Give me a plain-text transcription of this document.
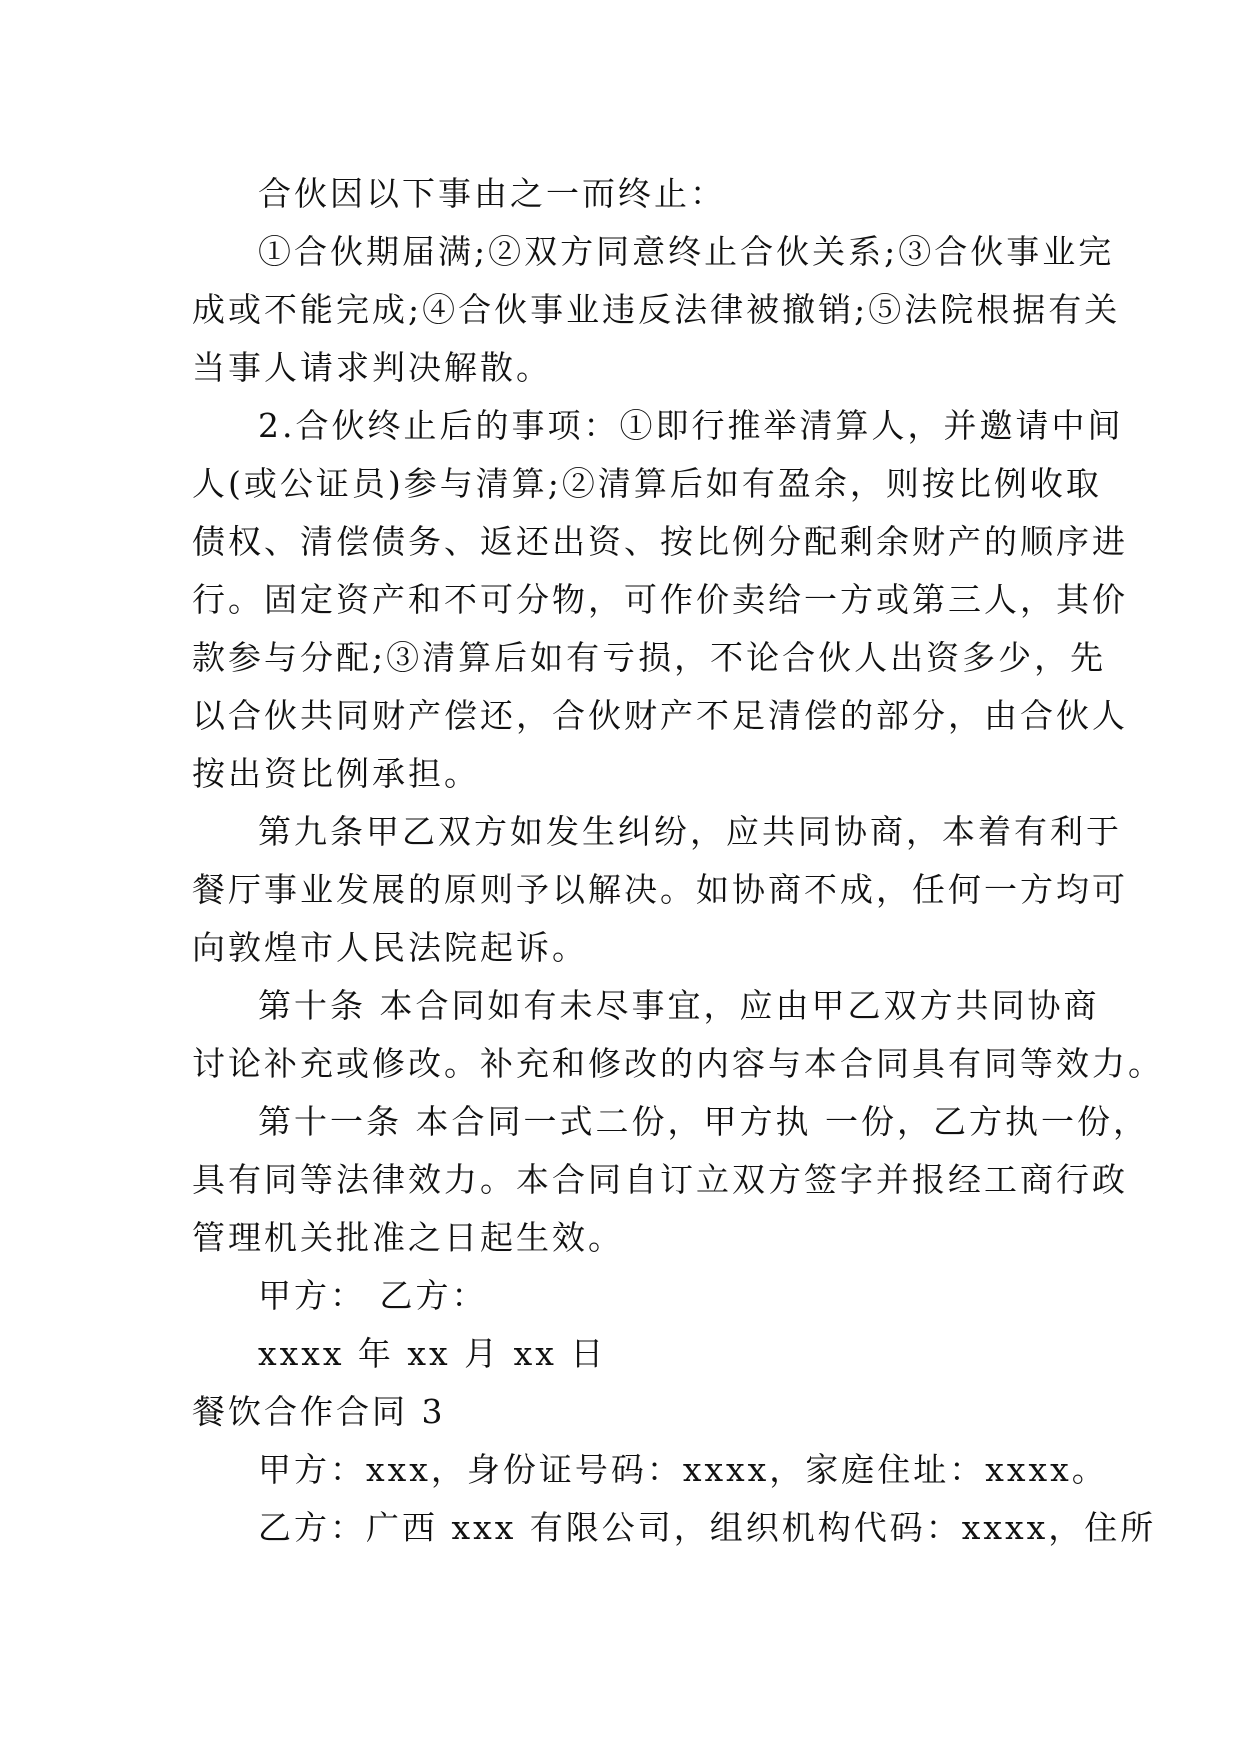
合伙因以下事由之一而终止：
①合伙期届满;②双方同意终止合伙关系;③合伙事业完
成或不能完成;④合伙事业违反法律被撤销;⑤法院根据有关
当事人请求判决解散。
2.合伙终止后的事项：①即行推举清算人，并邀请中间
人(或公证员)参与清算;②清算后如有盈余，则按比例收取
债权、清偿债务、返还出资、按比例分配剩余财产的顺序进
行。固定资产和不可分物，可作价卖给一方或第三人，其价
款参与分配;③清算后如有亏损，不论合伙人出资多少，先
以合伙共同财产偿还，合伙财产不足清偿的部分，由合伙人
按出资比例承担。
第九条甲乙双方如发生纠纷，应共同协商，本着有利于
餐厅事业发展的原则予以解决。如协商不成，任何一方均可
向敦煌市人民法院起诉。
第十条 本合同如有未尽事宜，应由甲乙双方共同协商
讨论补充或修改。补充和修改的内容与本合同具有同等效力。
第十一条 本合同一式二份，甲方执 一份，乙方执一份，
具有同等法律效力。本合同自订立双方签字并报经工商行政
管理机关批准之日起生效。
甲方： 乙方：
xxxx 年 xx 月 xx 日
餐饮合作合同 3
甲方：xxx，身份证号码：xxxx，家庭住址：xxxx。
乙方：广西 xxx 有限公司，组织机构代码：xxxx，住所
